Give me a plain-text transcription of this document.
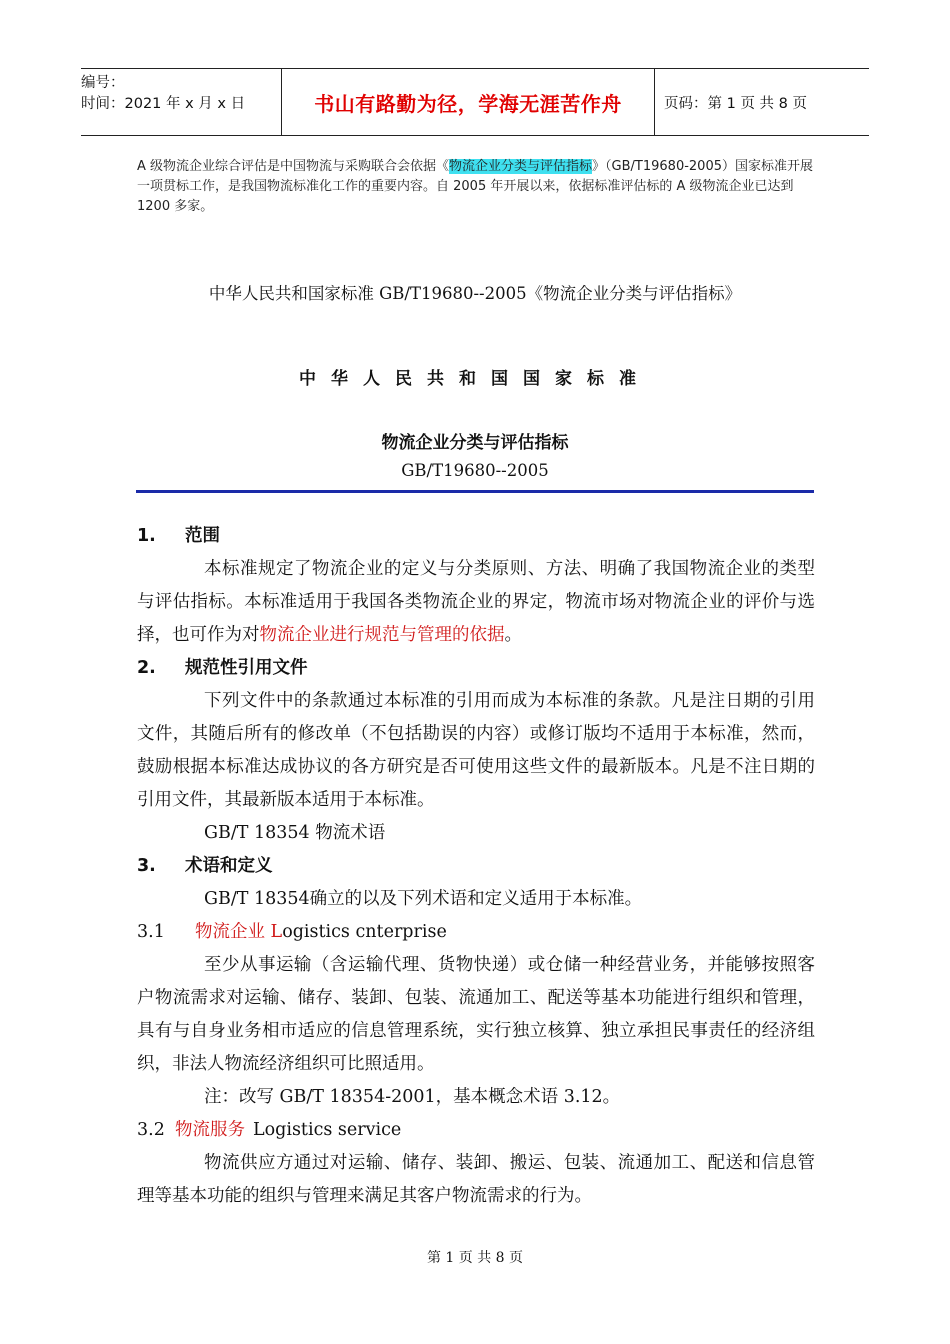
编号：
时间：2021 年 x 月 x 日	书山有路勤为径，学海无涯苦作舟	页码：第 1 页 共 8 页
A 级物流企业综合评估是中国物流与采购联合会依据《物流企业分类与评估指标》（GB/T19680-2005）国家标准开展一项贯标工作，是我国物流标准化工作的重要内容。自 2005 年开展以来，依据标准评估标的 A 级物流企业已达到 1200 多家。
中华人民共和国家标准 GB/T19680--2005《物流企业分类与评估指标》
中华人民共和国国家标准
物流企业分类与评估指标
GB/T19680--2005
1. 范围
本标准规定了物流企业的定义与分类原则、方法、明确了我国物流企业的类型与评估指标。本标准适用于我国各类物流企业的界定，物流市场对物流企业的评价与选择，也可作为对物流企业进行规范与管理的依据。
2. 规范性引用文件
下列文件中的条款通过本标准的引用而成为本标准的条款。凡是注日期的引用文件，其随后所有的修改单（不包括勘误的内容）或修订版均不适用于本标准，然而，鼓励根据本标准达成协议的各方研究是否可使用这些文件的最新版本。凡是不注日期的引用文件，其最新版本适用于本标准。
GB/T 18354 物流术语
3. 术语和定义
GB/T 18354确立的以及下列术语和定义适用于本标准。
3.1 物流企业 Logistics cnterprise
至少从事运输（含运输代理、货物快递）或仓储一种经营业务，并能够按照客户物流需求对运输、储存、装卸、包装、流通加工、配送等基本功能进行组织和管理，具有与自身业务相市适应的信息管理系统，实行独立核算、独立承担民事责任的经济组织，非法人物流经济组织可比照适用。
注：改写 GB/T 18354-2001，基本概念术语 3.12。
3.2 物流服务 Logistics service
物流供应方通过对运输、储存、装卸、搬运、包装、流通加工、配送和信息管理等基本功能的组织与管理来满足其客户物流需求的行为。
第 1 页 共 8 页
